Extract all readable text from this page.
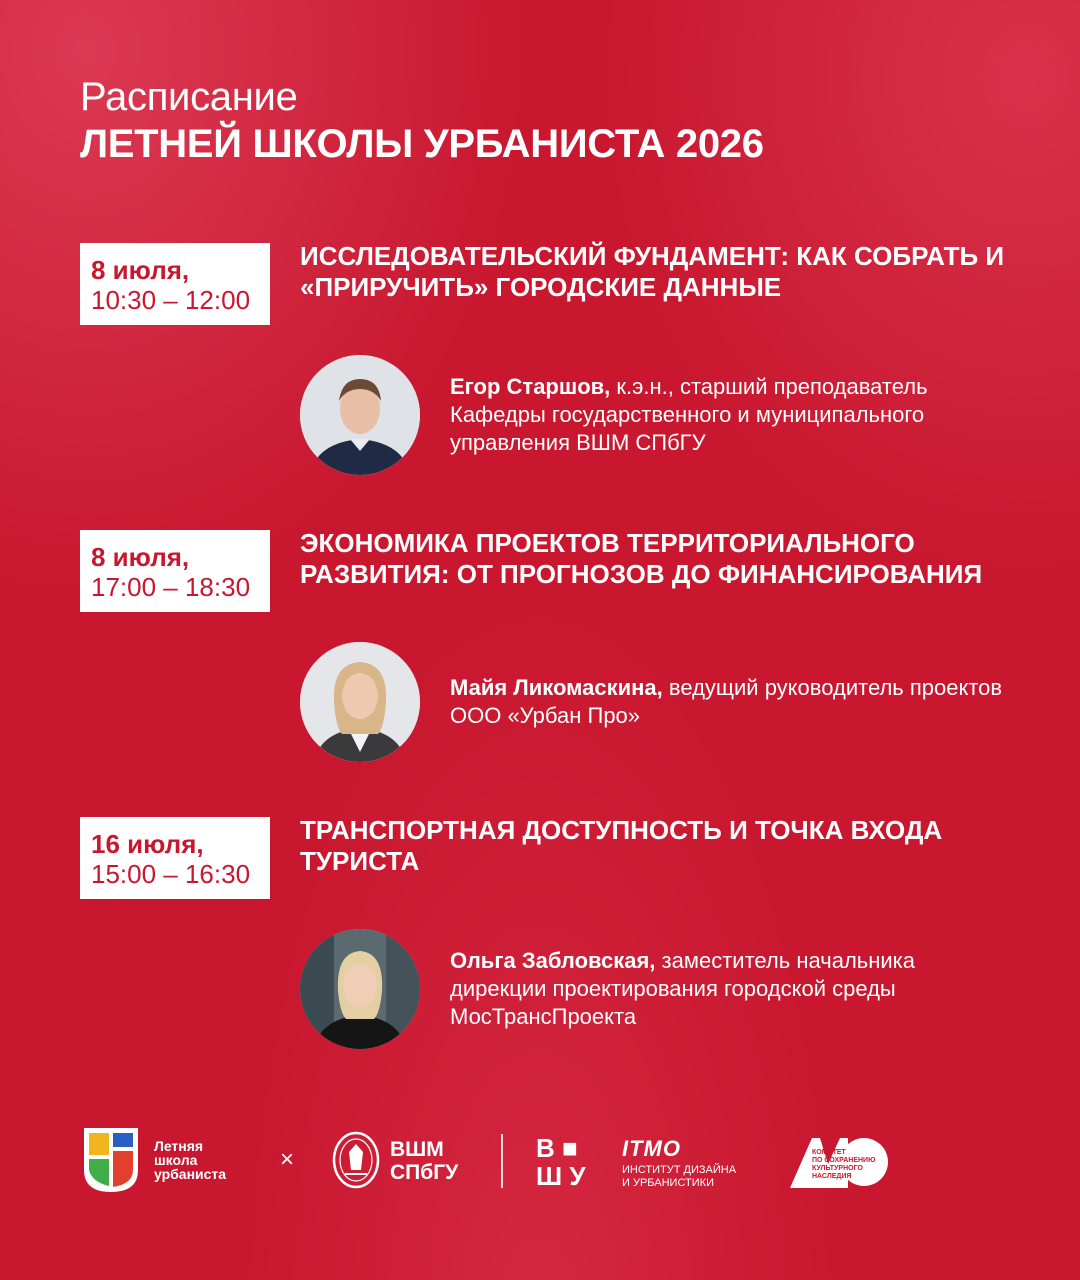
Расписание
ЛЕТНЕЙ ШКОЛЫ УРБАНИСТА 2026
8 июля,
10:30 – 12:00
ИССЛЕДОВАТЕЛЬСКИЙ ФУНДАМЕНТ: КАК СОБРАТЬ И «ПРИРУЧИТЬ» ГОРОДСКИЕ ДАННЫЕ
Егор Старшов, к.э.н., старший преподаватель Кафедры государственного и муниципального управления ВШМ СПбГУ
8 июля,
17:00 – 18:30
ЭКОНОМИКА ПРОЕКТОВ ТЕРРИТОРИАЛЬНОГО РАЗВИТИЯ: ОТ ПРОГНОЗОВ ДО ФИНАНСИРОВАНИЯ
Майя Ликомаскина, ведущий руководитель проектов ООО «Урбан Про»
16 июля,
15:00 – 16:30
ТРАНСПОРТНАЯ ДОСТУПНОСТЬ И ТОЧКА ВХОДА ТУРИСТА
Ольга Забловская, заместитель начальника дирекции проектирования городской среды МосТрансПроекта
Летняя
школа
урбаниста
×	ВШМ
СПбГУ
В ■
Ш У
ITMO
ИНСТИТУТ ДИЗАЙНА
И УРБАНИСТИКИ
КОМИТЕТ
ПО СОХРАНЕНИЮ
КУЛЬТУРНОГО
НАСЛЕДИЯ
